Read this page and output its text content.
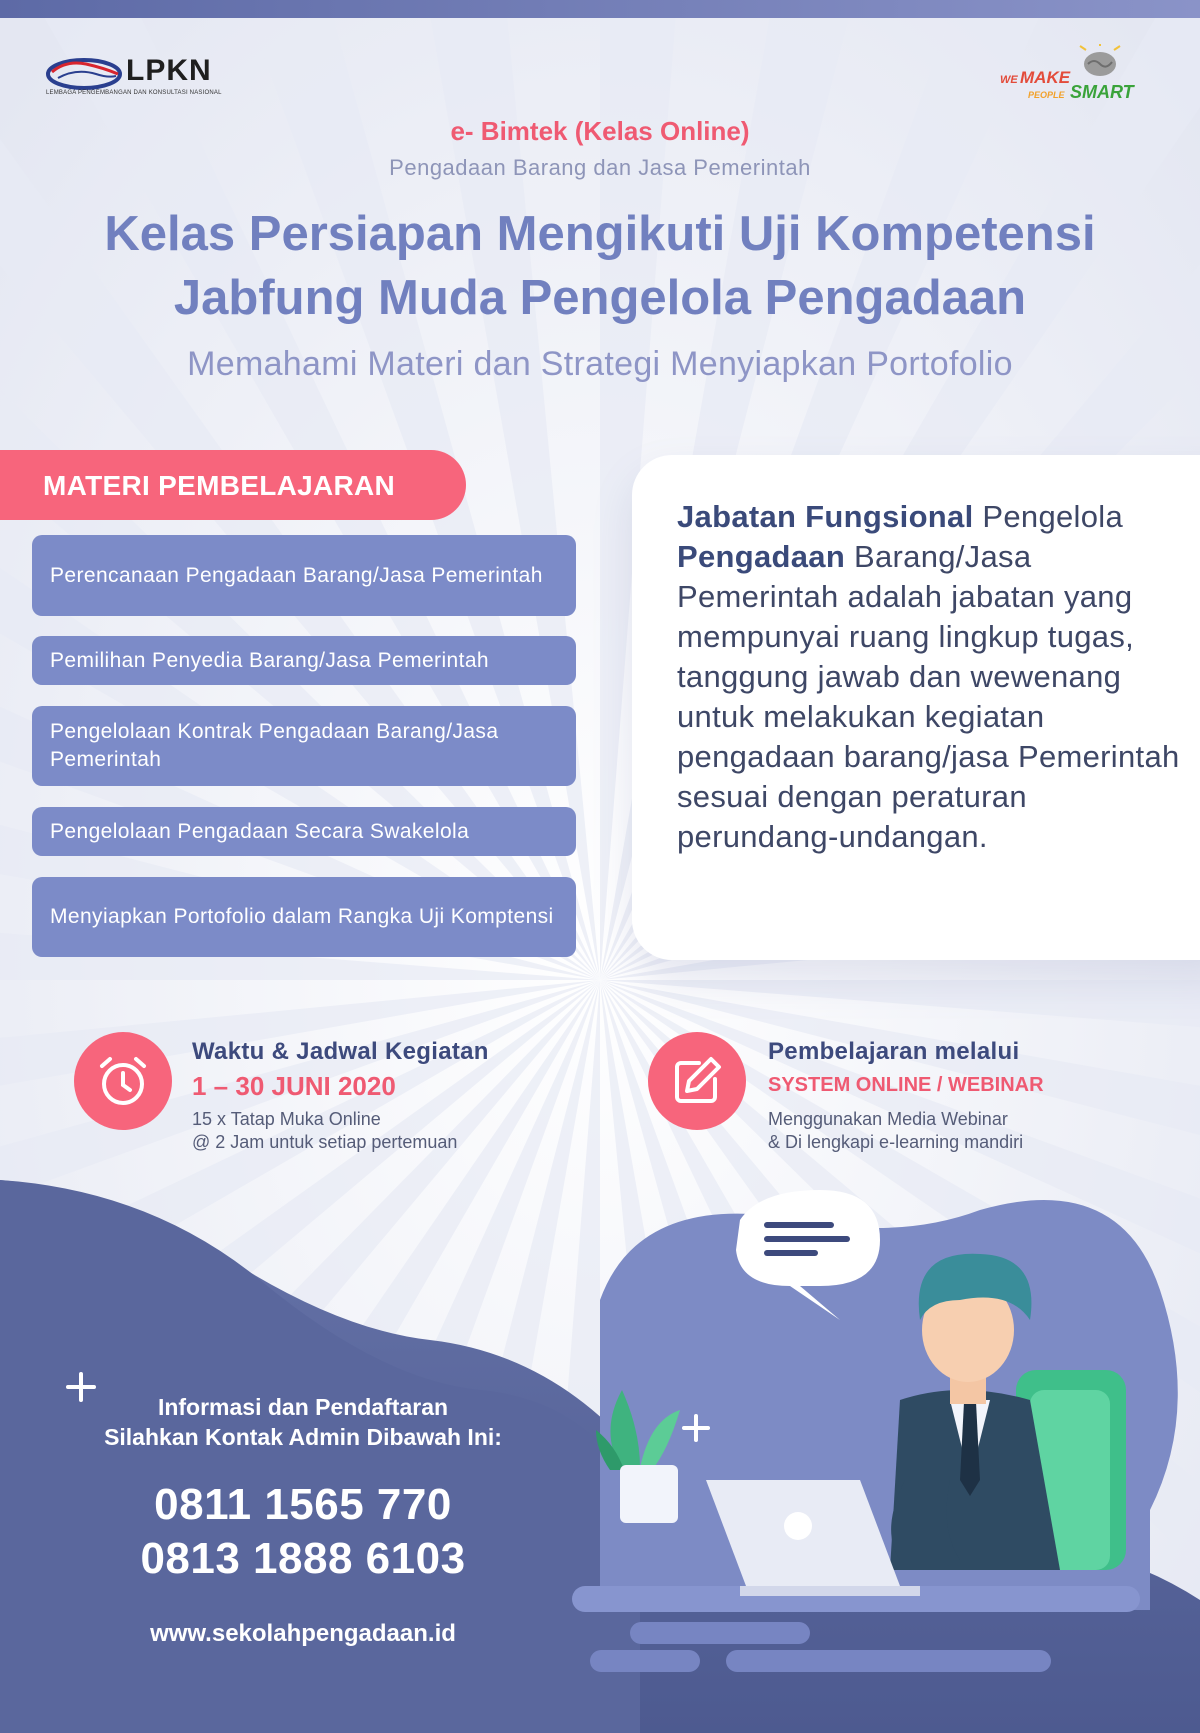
LPKN
LEMBAGA PENGEMBANGAN DAN KONSULTASI NASIONAL
WE MAKE
PEOPLE SMART
e- Bimtek (Kelas Online)
Pengadaan Barang dan Jasa Pemerintah
Kelas Persiapan Mengikuti Uji Kompetensi
Jabfung Muda Pengelola Pengadaan
Memahami Materi dan Strategi Menyiapkan Portofolio
MATERI PEMBELAJARAN
Perencanaan Pengadaan Barang/Jasa Pemerintah
Pemilihan Penyedia Barang/Jasa Pemerintah
Pengelolaan Kontrak Pengadaan Barang/Jasa Pemerintah
Pengelolaan Pengadaan Secara Swakelola
Menyiapkan Portofolio dalam Rangka Uji Komptensi
Jabatan Fungsional Pengelola Pengadaan Barang/Jasa Pemerintah adalah jabatan yang mempunyai ruang lingkup tugas, tanggung jawab dan wewenang untuk melakukan kegiatan pengadaan barang/jasa Pemerintah sesuai dengan peraturan perundang-undangan.
Waktu & Jadwal Kegiatan
1 – 30 JUNI 2020
15 x Tatap Muka Online
@ 2 Jam untuk setiap pertemuan
Pembelajaran melalui
SYSTEM ONLINE / WEBINAR
Menggunakan Media Webinar
& Di lengkapi e-learning mandiri
Informasi dan Pendaftaran
Silahkan Kontak Admin Dibawah Ini:
0811 1565 770
0813 1888 6103
www.sekolahpengadaan.id
